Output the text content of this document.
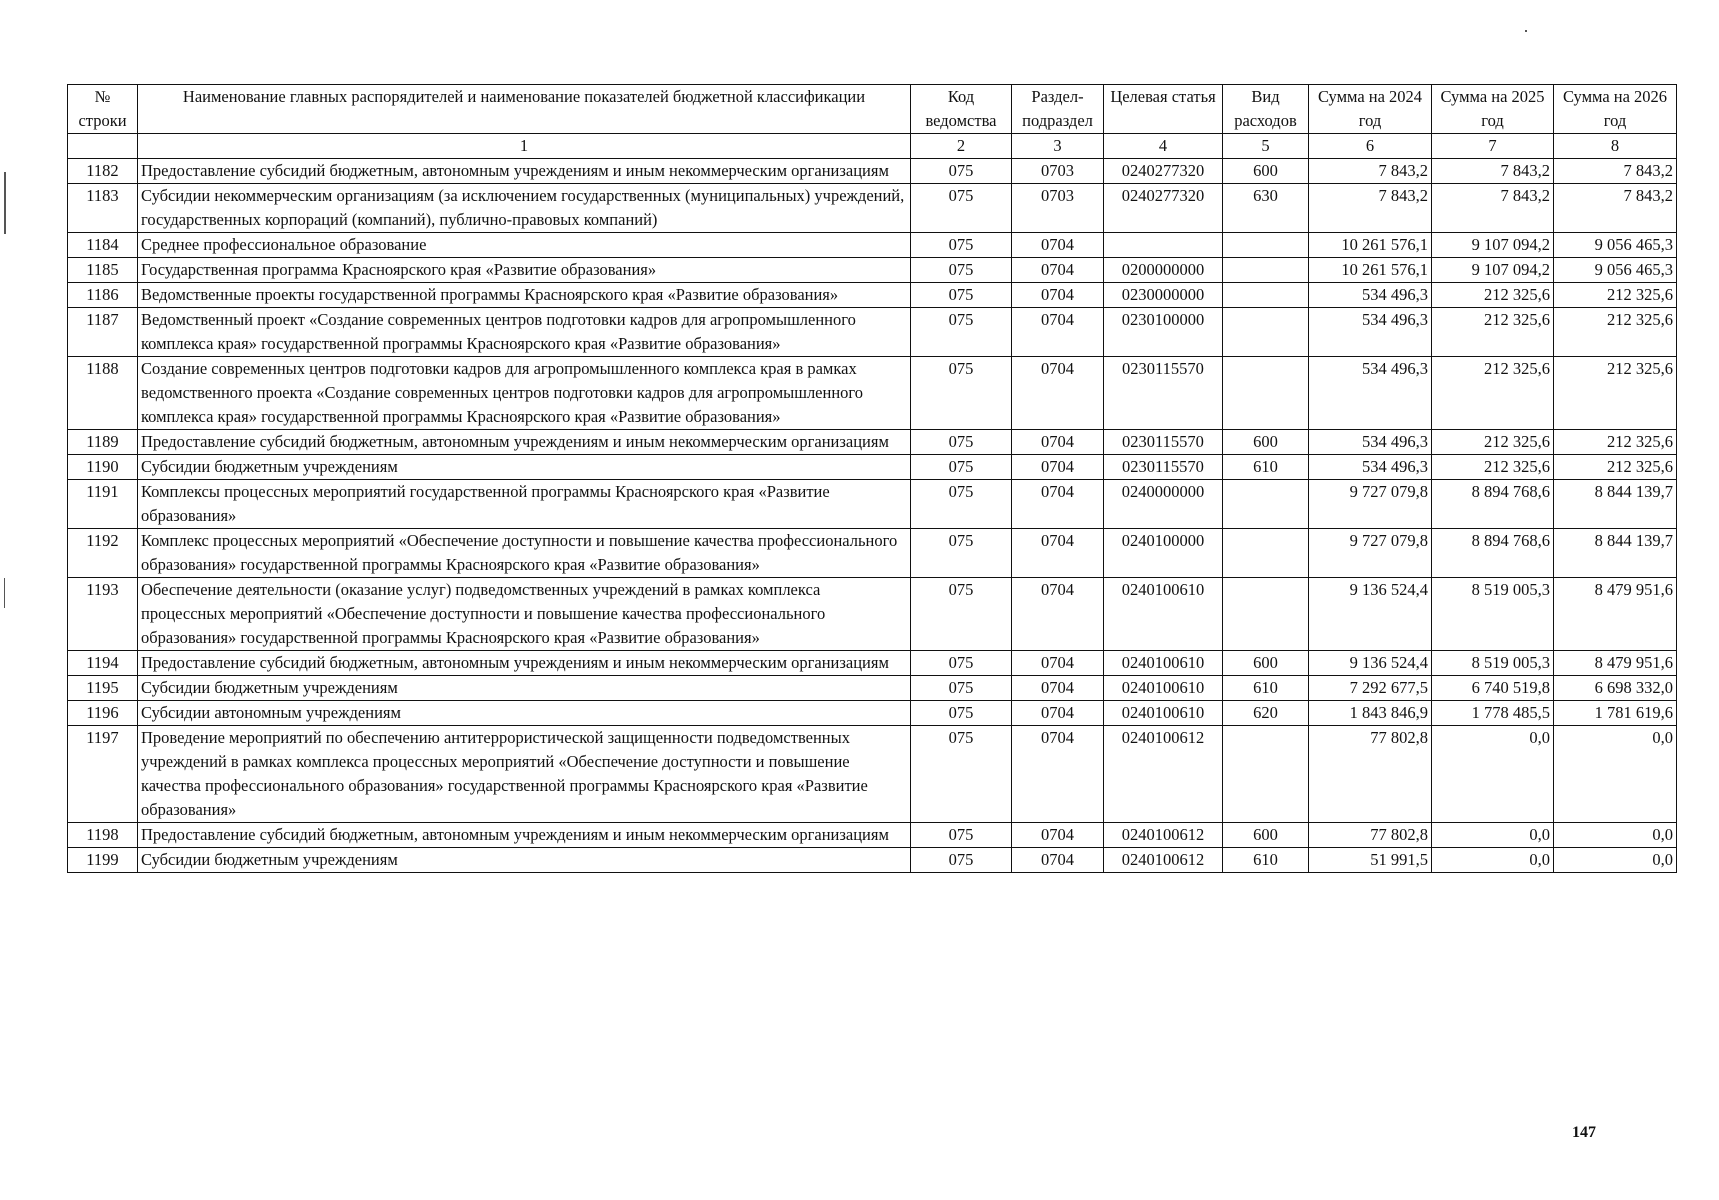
№ строки	Наименование главных распорядителей и наименование показателей бюджетной классификации	Код ведомства	Раздел-подраздел	Целевая статья	Вид расходов	Сумма на 2024 год	Сумма на 2025 год	Сумма на 2026 год
	1	2	3	4	5	6	7	8
1182	Предоставление субсидий бюджетным, автономным учреждениям и иным некоммерческим организациям	075	0703	0240277320	600	7 843,2	7 843,2	7 843,2
1183	Субсидии некоммерческим организациям (за исключением государственных (муниципальных) учреждений, государственных корпораций (компаний), публично-правовых компаний)	075	0703	0240277320	630	7 843,2	7 843,2	7 843,2
1184	Среднее профессиональное образование	075	0704			10 261 576,1	9 107 094,2	9 056 465,3
1185	Государственная программа Красноярского края «Развитие образования»	075	0704	0200000000		10 261 576,1	9 107 094,2	9 056 465,3
1186	Ведомственные проекты государственной программы Красноярского края «Развитие образования»	075	0704	0230000000		534 496,3	212 325,6	212 325,6
1187	Ведомственный проект «Создание современных центров подготовки кадров для агропромышленного комплекса края» государственной программы Красноярского края «Развитие образования»	075	0704	0230100000		534 496,3	212 325,6	212 325,6
1188	Создание современных центров подготовки кадров для агропромышленного комплекса края в рамках ведомственного проекта «Создание современных центров подготовки кадров для агропромышленного комплекса края» государственной программы Красноярского края «Развитие образования»	075	0704	0230115570		534 496,3	212 325,6	212 325,6
1189	Предоставление субсидий бюджетным, автономным учреждениям и иным некоммерческим организациям	075	0704	0230115570	600	534 496,3	212 325,6	212 325,6
1190	Субсидии бюджетным учреждениям	075	0704	0230115570	610	534 496,3	212 325,6	212 325,6
1191	Комплексы процессных мероприятий государственной программы Красноярского края «Развитие образования»	075	0704	0240000000		9 727 079,8	8 894 768,6	8 844 139,7
1192	Комплекс процессных мероприятий «Обеспечение доступности и повышение качества профессионального образования» государственной программы Красноярского края «Развитие образования»	075	0704	0240100000		9 727 079,8	8 894 768,6	8 844 139,7
1193	Обеспечение деятельности (оказание услуг) подведомственных учреждений в рамках комплекса процессных мероприятий «Обеспечение доступности и повышение качества профессионального образования» государственной программы Красноярского края «Развитие образования»	075	0704	0240100610		9 136 524,4	8 519 005,3	8 479 951,6
1194	Предоставление субсидий бюджетным, автономным учреждениям и иным некоммерческим организациям	075	0704	0240100610	600	9 136 524,4	8 519 005,3	8 479 951,6
1195	Субсидии бюджетным учреждениям	075	0704	0240100610	610	7 292 677,5	6 740 519,8	6 698 332,0
1196	Субсидии автономным учреждениям	075	0704	0240100610	620	1 843 846,9	1 778 485,5	1 781 619,6
1197	Проведение мероприятий по обеспечению антитеррористической защищенности подведомственных учреждений в рамках комплекса процессных мероприятий «Обеспечение доступности и повышение качества профессионального образования» государственной программы Красноярского края «Развитие образования»	075	0704	0240100612		77 802,8	0,0	0,0
1198	Предоставление субсидий бюджетным, автономным учреждениям и иным некоммерческим организациям	075	0704	0240100612	600	77 802,8	0,0	0,0
1199	Субсидии бюджетным учреждениям	075	0704	0240100612	610	51 991,5	0,0	0,0
147
